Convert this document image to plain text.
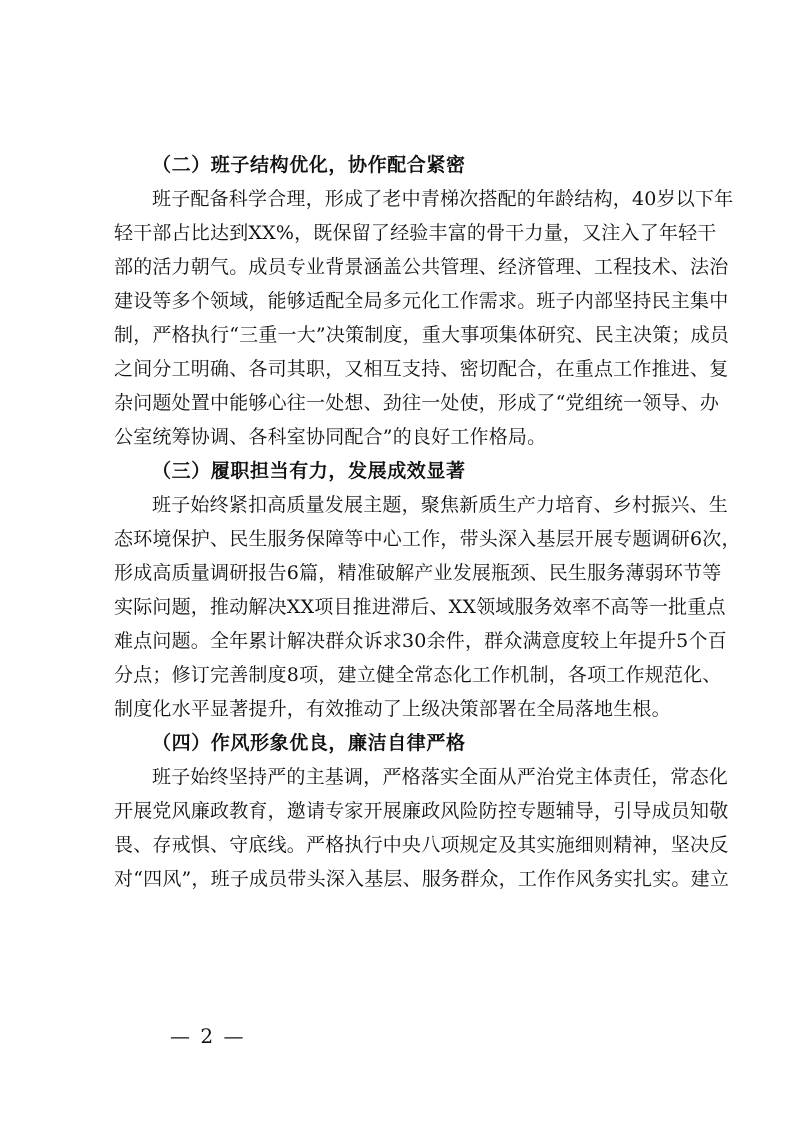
（二）班子结构优化，协作配合紧密

班子配备科学合理，形成了老中青梯次搭配的年龄结构，40岁以下年
轻干部占比达到XX%，既保留了经验丰富的骨干力量，又注入了年轻干
部的活力朝气。成员专业背景涵盖公共管理、经济管理、工程技术、法治
建设等多个领域，能够适配全局多元化工作需求。班子内部坚持民主集中
制，严格执行“三重一大”决策制度，重大事项集体研究、民主决策；成员
之间分工明确、各司其职，又相互支持、密切配合，在重点工作推进、复
杂问题处置中能够心往一处想、劲往一处使，形成了“党组统一领导、办
公室统筹协调、各科室协同配合”的良好工作格局。

（三）履职担当有力，发展成效显著

班子始终紧扣高质量发展主题，聚焦新质生产力培育、乡村振兴、生
态环境保护、民生服务保障等中心工作，带头深入基层开展专题调研6次，
形成高质量调研报告6篇，精准破解产业发展瓶颈、民生服务薄弱环节等
实际问题，推动解决XX项目推进滞后、XX领域服务效率不高等一批重点
难点问题。全年累计解决群众诉求30余件，群众满意度较上年提升5个百
分点；修订完善制度8项，建立健全常态化工作机制，各项工作规范化、
制度化水平显著提升，有效推动了上级决策部署在全局落地生根。

（四）作风形象优良，廉洁自律严格

班子始终坚持严的主基调，严格落实全面从严治党主体责任，常态化
开展党风廉政教育，邀请专家开展廉政风险防控专题辅导，引导成员知敬
畏、存戒惧、守底线。严格执行中央八项规定及其实施细则精神，坚决反
对“四风”，班子成员带头深入基层、服务群众，工作作风务实扎实。建立

— 2 —
